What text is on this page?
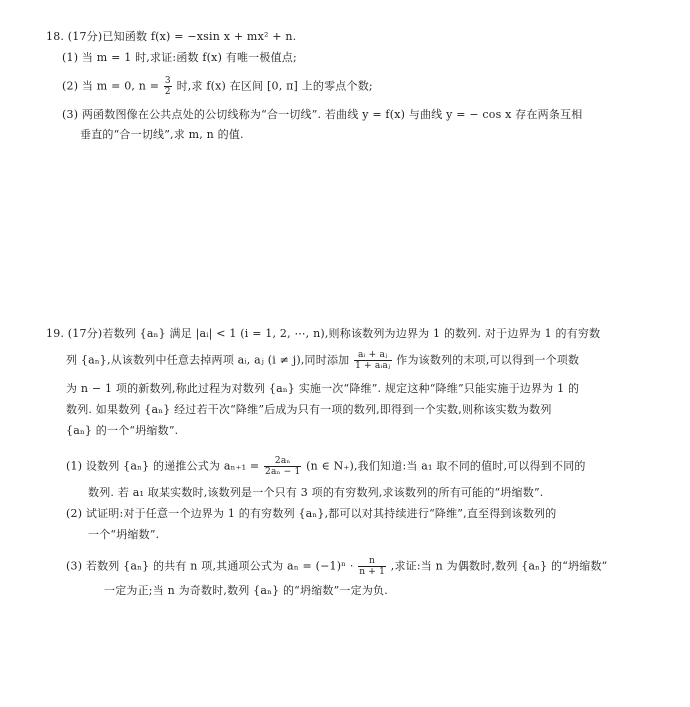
18. (17分)已知函数 f(x) = −xsin x + mx² + n.
(1) 当 m = 1 时,求证:函数 f(x) 有唯一极值点;
(2) 当 m = 0, $n = \frac{3}{2}$ 时,求 f(x) 在区间 [0, π] 上的零点个数;
(3) 两函数图像在公共点处的公切线称为“合一切线”. 若曲线 y = f(x) 与曲线 y = − cos x 存在两条互相
垂直的“合一切线”,求 m, n 的值.
19. (17分)若数列 {aₙ} 满足 |aᵢ| < 1 (i = 1, 2, ⋯, n),则称该数列为边界为 1 的数列. 对于边界为 1 的有穷数
列 {aₙ},从该数列中任意去掉两项 aᵢ, aⱼ (i ≠ j),同时添加 $\frac{\text{aᵢ + aⱼ}}{\text{1 + aᵢaⱼ}}$ 作为该数列的末项,可以得到一个项数
为 n − 1 项的新数列,称此过程为对数列 {aₙ} 实施一次“降维”. 规定这种“降维”只能实施于边界为 1 的
数列. 如果数列 {aₙ} 经过若干次“降维”后成为只有一项的数列,即得到一个实数,则称该实数为数列
{aₙ} 的一个“坍缩数”.
(1) 设数列 {aₙ} 的递推公式为 $a_{n+1} = \frac{\text{2aₙ}}{\text{2aₙ − 1}} (n$ ∈ N₊),我们知道:当 a₁ 取不同的值时,可以得到不同的
数列. 若 a₁ 取某实数时,该数列是一个只有 3 项的有穷数列,求该数列的所有可能的“坍缩数”.
(2) 试证明:对于任意一个边界为 1 的有穷数列 {aₙ},都可以对其持续进行“降维”,直至得到该数列的
一个“坍缩数”.
(3) 若数列 {aₙ} 的共有 n 项,其通项公式为 $a_n = (-1)^n \cdot \frac{n}{n + 1}$ ,求证:当 n 为偶数时,数列 {aₙ} 的“坍缩数”
一定为正;当 n 为奇数时,数列 {aₙ} 的“坍缩数”一定为负.
